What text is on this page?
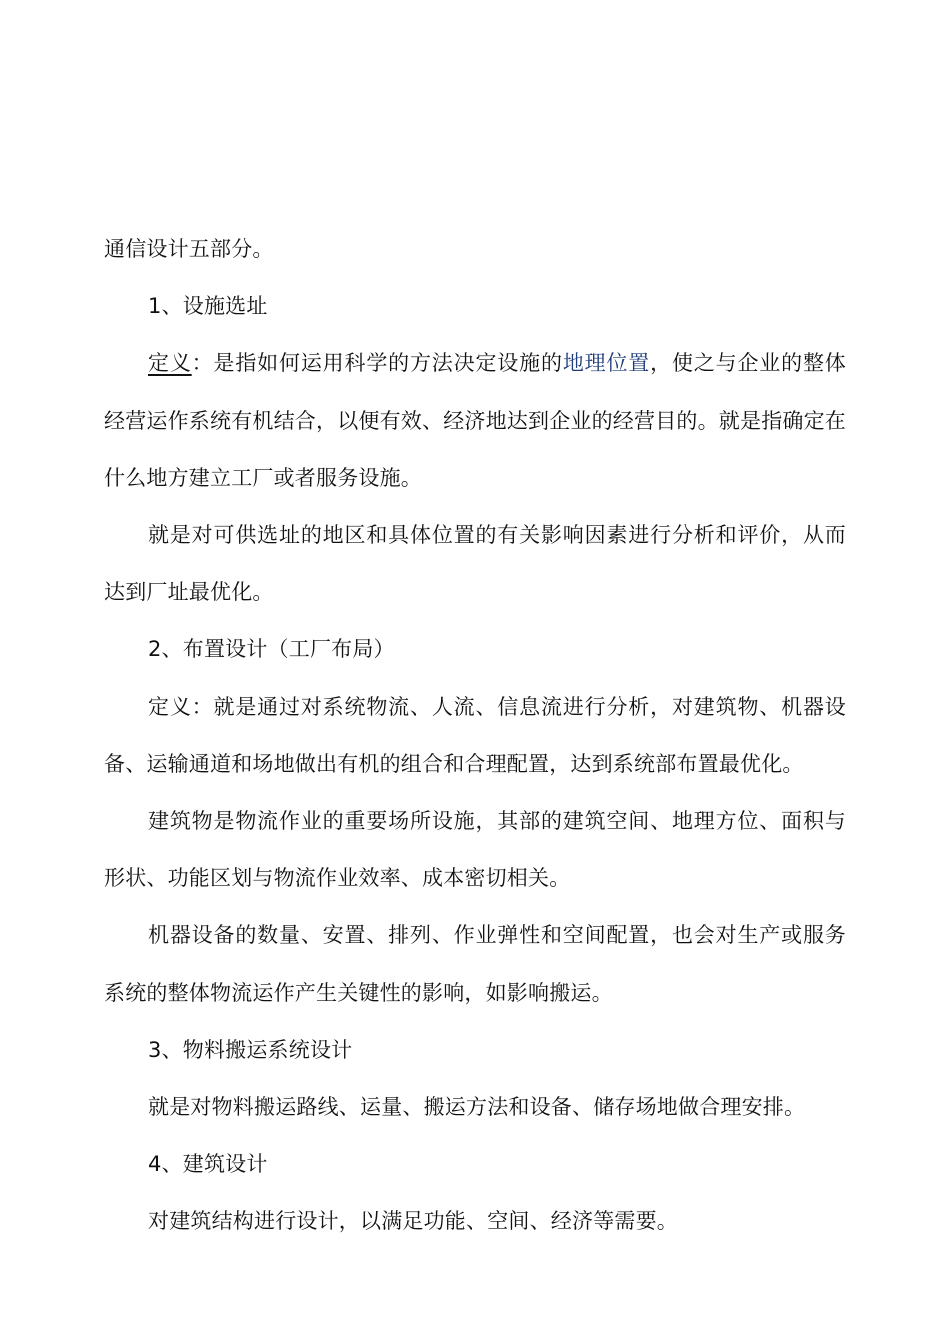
通信设计五部分。

1、设施选址

定义：是指如何运用科学的方法决定设施的地理位置，使之与企业的整体经营运作系统有机结合，以便有效、经济地达到企业的经营目的。就是指确定在什么地方建立工厂或者服务设施。

就是对可供选址的地区和具体位置的有关影响因素进行分析和评价，从而达到厂址最优化。

2、布置设计（工厂布局）

定义：就是通过对系统物流、人流、信息流进行分析，对建筑物、机器设备、运输通道和场地做出有机的组合和合理配置，达到系统部布置最优化。

建筑物是物流作业的重要场所设施，其部的建筑空间、地理方位、面积与形状、功能区划与物流作业效率、成本密切相关。

机器设备的数量、安置、排列、作业弹性和空间配置，也会对生产或服务系统的整体物流运作产生关键性的影响，如影响搬运。

3、物料搬运系统设计

就是对物料搬运路线、运量、搬运方法和设备、储存场地做合理安排。

4、建筑设计

对建筑结构进行设计，以满足功能、空间、经济等需要。
